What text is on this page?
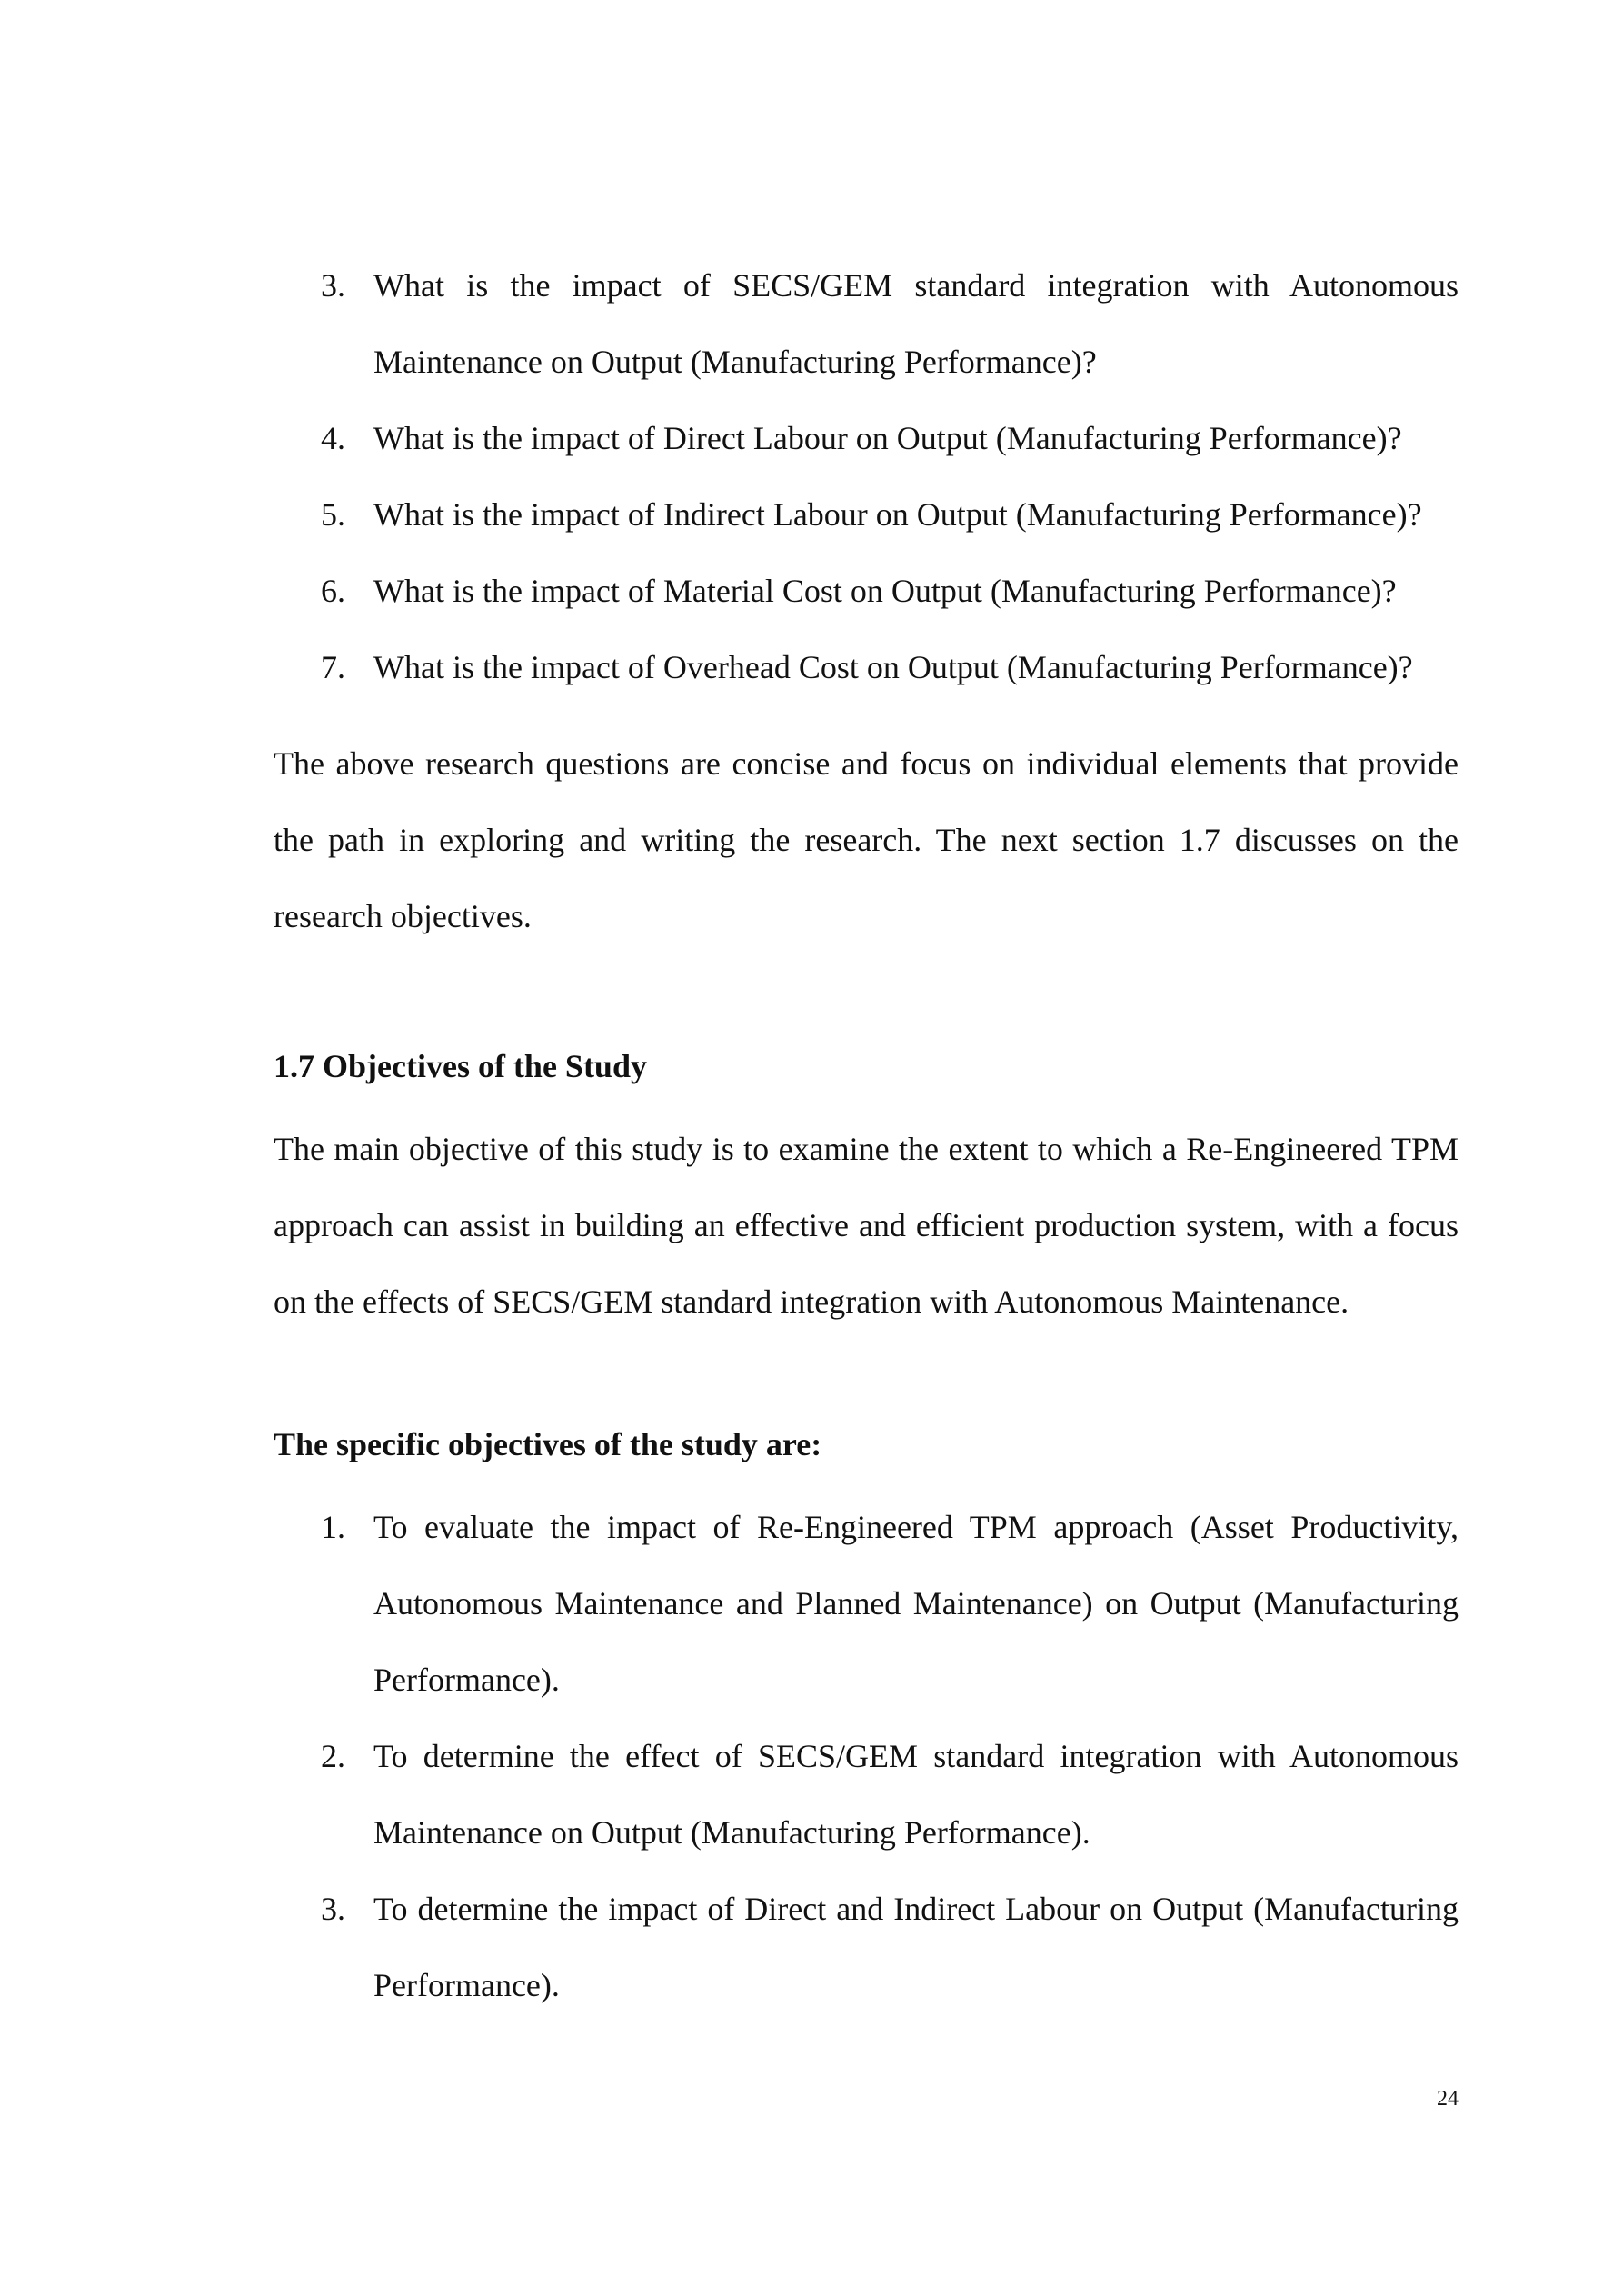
3. What is the impact of SECS/GEM standard integration with Autonomous Maintenance on Output (Manufacturing Performance)?
4. What is the impact of Direct Labour on Output (Manufacturing Performance)?
5. What is the impact of Indirect Labour on Output (Manufacturing Performance)?
6. What is the impact of Material Cost on Output (Manufacturing Performance)?
7. What is the impact of Overhead Cost on Output (Manufacturing Performance)?

The above research questions are concise and focus on individual elements that provide the path in exploring and writing the research. The next section 1.7 discusses on the research objectives.

1.7 Objectives of the Study

The main objective of this study is to examine the extent to which a Re-Engineered TPM approach can assist in building an effective and efficient production system, with a focus on the effects of SECS/GEM standard integration with Autonomous Maintenance.

The specific objectives of the study are:
1. To evaluate the impact of Re-Engineered TPM approach (Asset Productivity, Autonomous Maintenance and Planned Maintenance) on Output (Manufacturing Performance).
2. To determine the effect of SECS/GEM standard integration with Autonomous Maintenance on Output (Manufacturing Performance).
3. To determine the impact of Direct and Indirect Labour on Output (Manufacturing Performance).
24
